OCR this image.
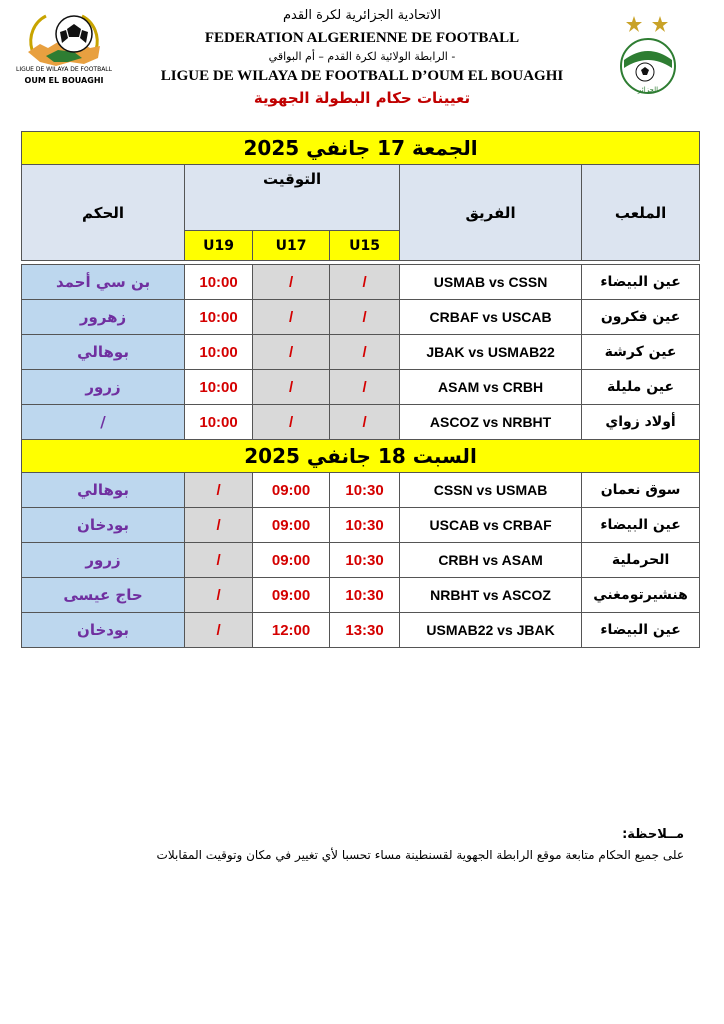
الاتحادية الجزائرية لكرة القدم
FEDERATION ALGERIENNE DE FOOTBALL
الرابطة الولائية لكرة القدم – أم البواقي -
LIGUE DE WILAYA DE FOOTBALL D’OUM EL BOUAGHI
تعيينات حكام البطولة الجهوية
LIGUE DE WILAYA DE FOOTBALL
OUM EL BOUAGHI
الجزائر
الجمعة 17 جانفي 2025					
الملعب	الفريق	التوقيت			الحكم
		U15	U17	U19	

عين البيضاء	USMAB vs CSSN	/	/	10:00	بن سي أحمد
عين فكرون	CRBAF vs USCAB	/	/	10:00	زهرور
عين كرشة	JBAK vs USMAB22	/	/	10:00	بوهالي
عين مليلة	ASAM vs CRBH	/	/	10:00	زرور
أولاد زواي	ASCOZ vs NRBHT	/	/	10:00	/
السبت 18 جانفي 2025					
سوق نعمان	CSSN vs USMAB	10:30	09:00	/	بوهالي
عين البيضاء	USCAB vs CRBAF	10:30	09:00	/	بودخان
الحرملية	CRBH vs ASAM	10:30	09:00	/	زرور
هنشيرتومغني	NRBHT vs ASCOZ	10:30	09:00	/	حاج عيسى
عين البيضاء	USMAB22 vs JBAK	13:30	12:00	/	بودخان
مــلاحظة:
على جميع الحكام متابعة موقع الرابطة الجهوية لقسنطينة مساء تحسبا لأي تغيير في مكان وتوقيت المقابلات
